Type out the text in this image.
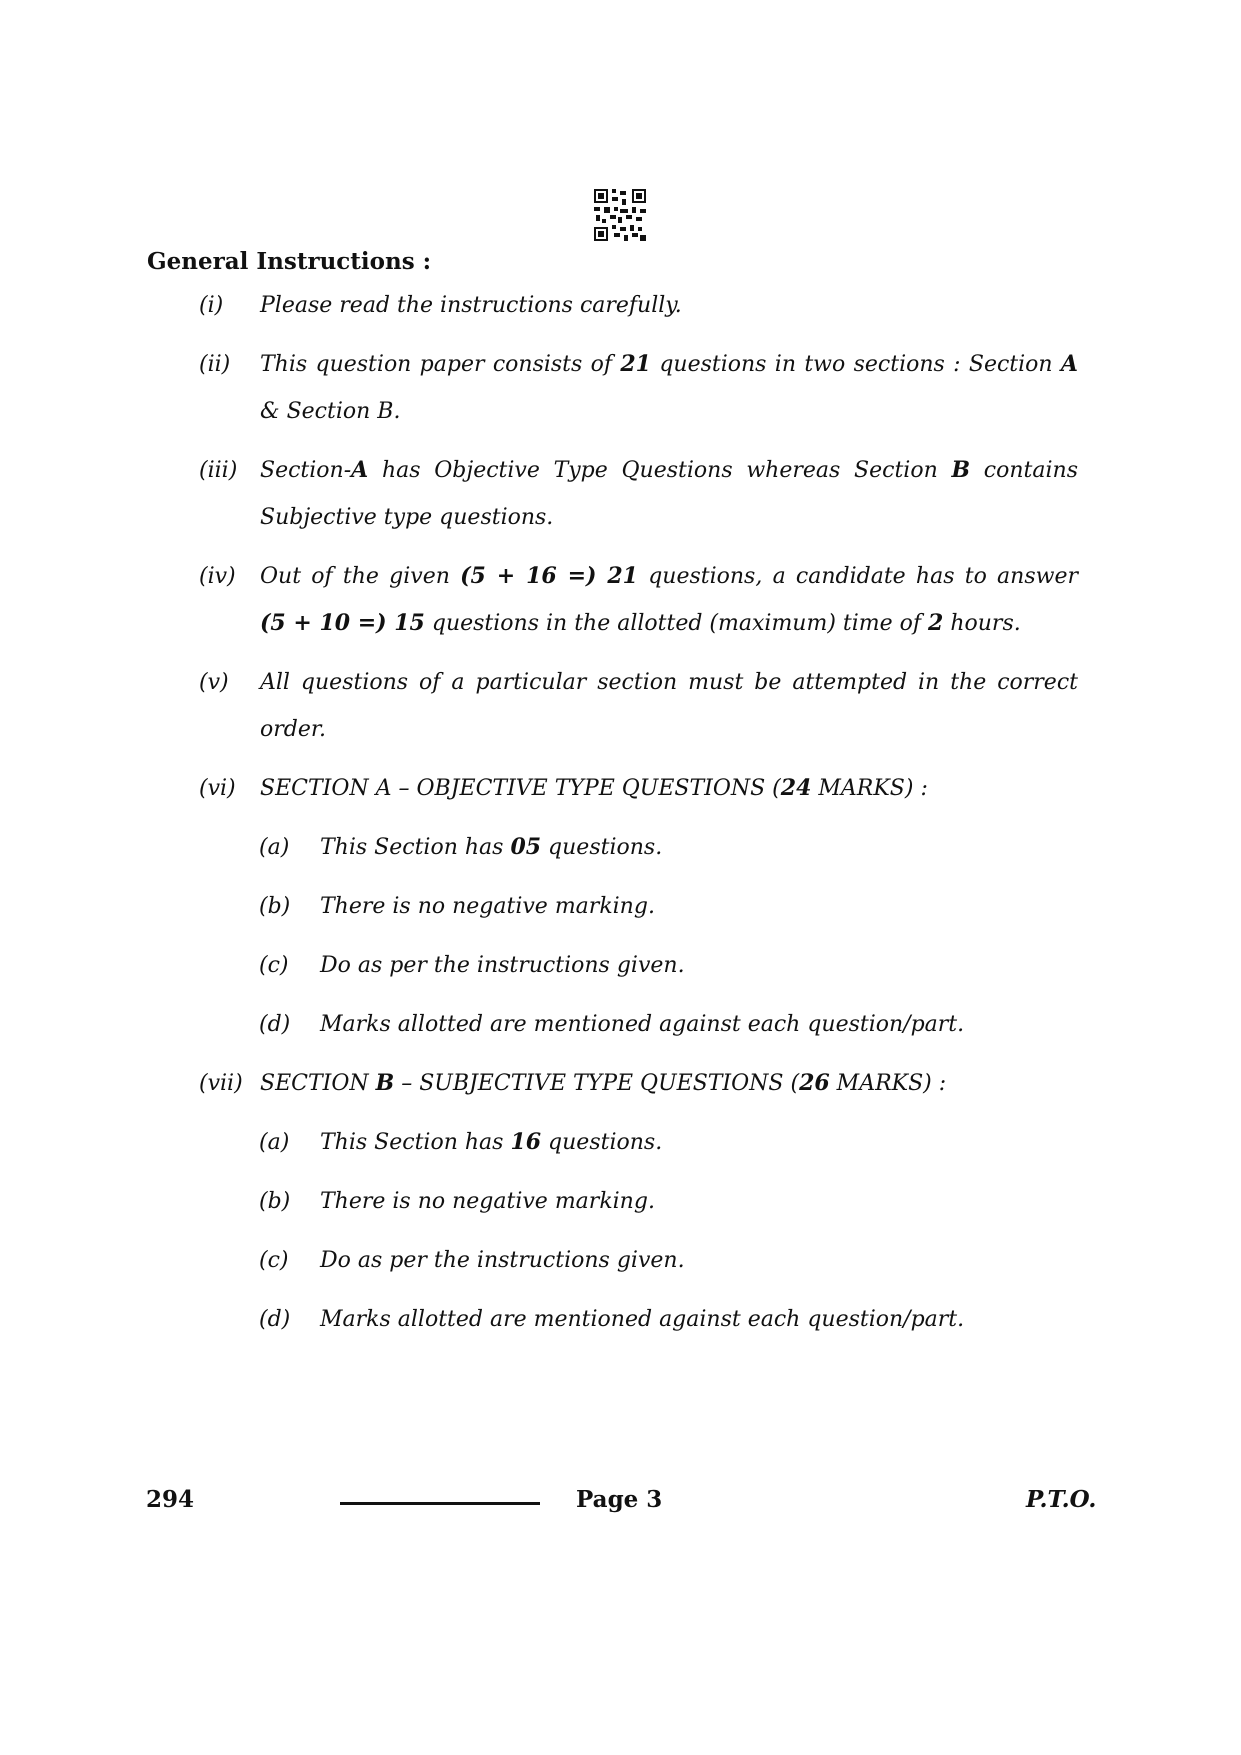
General Instructions :
(i) Please read the instructions carefully.
(ii) This question paper consists of 21 questions in two sections : Section A
& Section B.
(iii) Section-A has Objective Type Questions whereas Section B contains
Subjective type questions.
(iv) Out of the given (5 + 16 =) 21 questions, a candidate has to answer
(5 + 10 =) 15 questions in the allotted (maximum) time of 2 hours.
(v) All questions of a particular section must be attempted in the correct
order.
(vi) SECTION A – OBJECTIVE TYPE QUESTIONS (24 MARKS) :
(a) This Section has 05 questions.
(b) There is no negative marking.
(c) Do as per the instructions given.
(d) Marks allotted are mentioned against each question/part.
(vii) SECTION B – SUBJECTIVE TYPE QUESTIONS (26 MARKS) :
(a) This Section has 16 questions.
(b) There is no negative marking.
(c) Do as per the instructions given.
(d) Marks allotted are mentioned against each question/part.
294	Page 3	P.T.O.
